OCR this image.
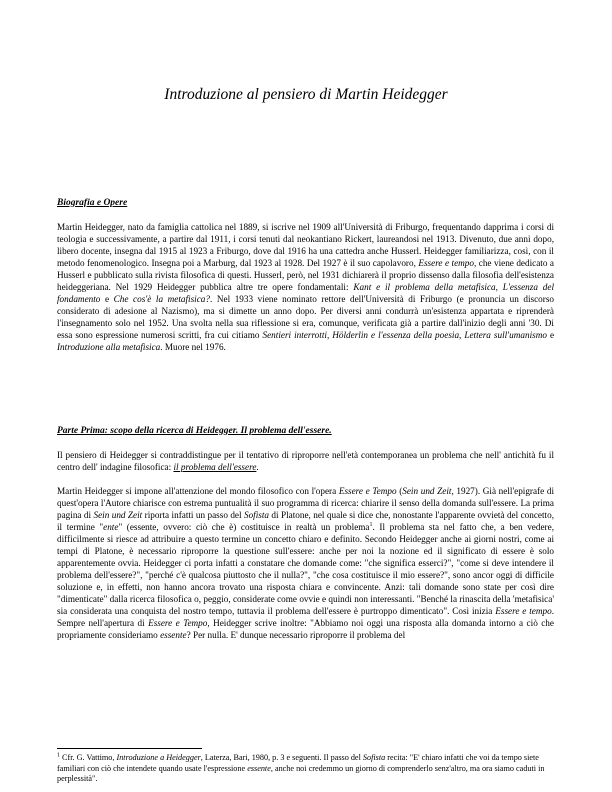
Introduzione al pensiero di Martin Heidegger

Biografia e Opere

Martin Heidegger, nato da famiglia cattolica nel 1889, si iscrive nel 1909 all'Università di Friburgo, frequentando dapprima i corsi di teologia e successivamente, a partire dal 1911, i corsi tenuti dal neokantiano Rickert, laureandosi nel 1913. Divenuto, due anni dopo, libero docente, insegna dal 1915 al 1923 a Friburgo, dove dal 1916 ha una cattedra anche Husserl. Heidegger familiarizza, così, con il metodo fenomenologico. Insegna poi a Marburg, dal 1923 al 1928. Del 1927 è il suo capolavoro, Essere e tempo, che viene dedicato a Husserl e pubblicato sulla rivista filosofica di questi. Husserl, però, nel 1931 dichiarerà il proprio dissenso dalla filosofia dell'esistenza heideggeriana. Nel 1929 Heidegger pubblica altre tre opere fondamentali: Kant e il problema della metafisica, L'essenza del fondamento e Che cos'è la metafisica?. Nel 1933 viene nominato rettore dell'Università di Friburgo (e pronuncia un discorso considerato di adesione al Nazismo), ma si dimette un anno dopo. Per diversi anni condurrà un'esistenza appartata e riprenderà l'insegnamento solo nel 1952. Una svolta nella sua riflessione si era, comunque, verificata già a partire dall'inizio degli anni '30. Di essa sono espressione numerosi scritti, fra cui citiamo Sentieri interrotti, Hölderlin e l'essenza della poesia, Lettera sull'umanismo e Introduzione alla metafisica. Muore nel 1976.

Parte Prima: scopo della ricerca di Heidegger. Il problema dell'essere.

Il pensiero di Heidegger si contraddistingue per il tentativo di riproporre nell'età contemporanea un problema che nell' antichità fu il centro dell' indagine filosofica: il problema dell'essere.

Martin Heidegger si impone all'attenzione del mondo filosofico con l'opera Essere e Tempo (Sein und Zeit, 1927). Già nell'epigrafe di quest'opera l'Autore chiarisce con estrema puntualità il suo programma di ricerca: chiarire il senso della domanda sull'essere. La prima pagina di Sein und Zeit riporta infatti un passo del Sofista di Platone, nel quale si dice che, nonostante l'apparente ovvietà del concetto, il termine "ente" (essente, ovvero: ciò che è) costituisce in realtà un problema$^1$. Il problema sta nel fatto che, a ben vedere, difficilmente si riesce ad attribuire a questo termine un concetto chiaro e definito. Secondo Heidegger anche ai giorni nostri, come ai tempi di Platone, è necessario riproporre la questione sull'essere: anche per noi la nozione ed il significato di essere è solo apparentemente ovvia. Heidegger ci porta infatti a constatare che domande come: "che significa esserci?", "come si deve intendere il problema dell'essere?", "perché c'è qualcosa piuttosto che il nulla?", "che cosa costituisce il mio essere?", sono ancor oggi di difficile soluzione e, in effetti, non hanno ancora trovato una risposta chiara e convincente. Anzi: tali domande sono state per così dire "dimenticate" dalla ricerca filosofica o, peggio, considerate come ovvie e quindi non interessanti. "Benché la rinascita della 'metafisica' sia considerata una conquista del nostro tempo, tuttavia il problema dell'essere è purtroppo dimenticato". Così inizia Essere e tempo. Sempre nell'apertura di Essere e Tempo, Heidegger scrive inoltre: "Abbiamo noi oggi una risposta alla domanda intorno a ciò che propriamente consideriamo essente? Per nulla. E' dunque necessario riproporre il problema del

$^1$ Cfr. G. Vattimo, Introduzione a Heidegger, Laterza, Bari, 1980, p. 3 e seguenti. Il passo del Sofista recita: "E' chiaro infatti che voi da tempo siete familiari con ciò che intendete quando usate l'espressione essente, anche noi credemmo un giorno di comprenderlo senz'altro, ma ora siamo caduti in perplessità".
